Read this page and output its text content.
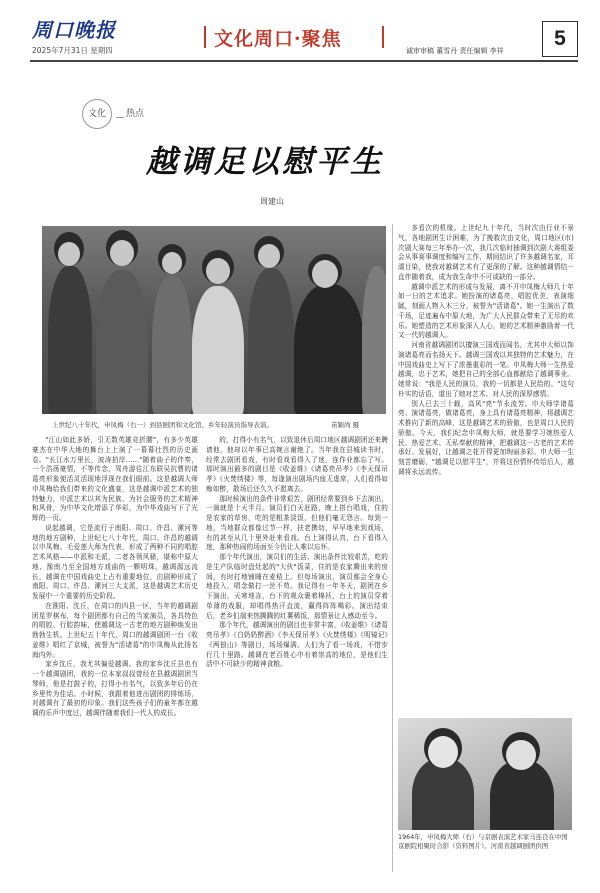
周口晚报
2025年7月31日 星期四
文化周口·聚焦
诚审审稿 董雪丹 责任编辑 李祥
5
文化 热点
越调足以慰平生
周建山
上世纪八十年代，申凤梅（右一）到县剧团和文化馆、乡年轻演员指导表演。	苗颖尚 摄

"江山如此多娇，引无数英雄竞折腰"，有多少英雄豪杰在中华大地的舞台上上演了一幕幕壮烈的历史画卷。"长江水万里长，波涛拍岸……"随着曲子的伴奏，一个浩荡豪情，不等传念，驾舟游往江东联吴抗曹的诸葛亮形象便活灵活现地浮现在我们眼前。这是越调大师申凤梅给我们带来的文化盛宴，这是越调申派艺术的独特魅力，申派艺术以其为民族、为社会服务的艺术精神和风骨，为中华文化增添了华彩，为中华戏曲写下了光辉的一页。

说起越调，它是流行于南阳、周口、许昌、漯河等地的地方剧种，上世纪七八十年代，周口、许昌的越调以申凤梅、毛爱莲大师为代表，形成了两种不同的唱腔艺术风格——申派和毛派，二者各领风骚，堪称中原大地、豫南乃至全国地方戏曲的一颗明珠。越调源远流长，越调在中国戏曲史上占有重要地位，由剧种形成了南阳、周口、许昌、漯河三大支派，这是越调艺术历史发展中一个重要的历史阶段。

在淮阳、沈丘，在周口的四县一区，当年的越调剧团星罗棋布，每个剧团都有自己的当家演员，各具特色的唱腔、行腔韵味，使越调这一古老的地方剧种焕发出勃勃生机。上世纪五十年代，周口的越调剧团一台《收姜维》唱红了京城，被誉为"活诸葛"的申凤梅从此扬名海内外。

家乡沈丘，我尤其偏爱越调。我的家乡沈丘县也有一个越调剧团，我的一位本家叔叔曾经在县越调剧团当琴师，他是打鼓子的，打得小有名气，以致多年后仍在乡里传为佳话。小时候，我跟着他进出剧团的排练场，对越调有了最初的印象。我们这些孩子们的童年都在越调的乐声中度过，越调伴随着我们一代人的成长。

的，打得小有名气，以致退休后周口地区越调剧团还来聘请他，他却以年事已高婉言谢绝了。当年我在县城读书时，经常去剧团看戏，有时看戏看得入了迷，连作业都忘了写。那时演出最多的剧目是《收姜维》《诸葛亮吊孝》《李天保吊孝》《火焚绣楼》等，每逢演出剧场内座无虚席，人们看得如痴如醉，散场后还久久不愿离去。

那时候演出的条件非常艰苦，剧团经常要到乡下去演出，一演就是十天半月。演员们白天赶路，晚上搭台唱戏，住的是农家的草房，吃的是粗茶淡饭，但他们毫无怨言。每到一地，当地群众都像过节一样，扶老携幼，早早地来到戏场，有的甚至从几十里外赶来看戏。台上演得认真，台下看得入迷，那种热闹的场面至今仍让人难以忘怀。

那个年代演出，演员们的生活、演出条件比较艰苦，吃的是生产队临时盘灶起的"大伙"饭菜，住的是农家腾出来的房间，有时打地铺睡在麦秸上。但每场演出，演员都会全身心地投入，唱念做打一丝不苟。我记得有一年冬天，剧团在乡下演出，天寒地冻，台下的观众裹着棉袄，台上的演员穿着单薄的戏服，却唱得热汗直流，赢得阵阵喝彩。演出结束后，老乡们端来热腾腾的红薯稀饭，那情景让人感动至今。

那个年代，越调演出的剧目也非常丰富，《收姜维》《诸葛亮吊孝》《白奶奶醉酒》《李天保吊孝》《火焚绣楼》《明镜记》《两狼山》等剧目，场场爆满。人们为了看一场戏，不惜步行几十里路。越调在老百姓心中有着崇高的地位，是他们生活中不可缺少的精神食粮。

多看次的机缘。上世纪九十年代，当时次由行业不景气，各地剧团生计困难，为了挽救次由文化，周口地区(市)次剧大赛每三年举办一次，我几次临时抽调到次剧大赛组委会从事赛事调度和编写工作，期间结识了许多越调名家，耳濡目染，使我对越调艺术有了更深的了解。这种越调情结一直伴随着我，成为我生命中不可或缺的一部分。

越调申派艺术的形成与发展，离不开申凤梅大师几十年如一日的艺术追求。她扮演的诸葛亮，唱腔优美，表演细腻，刻画人物入木三分，被誉为"活诸葛"。她一生演出了数千场，足迹遍布中原大地，为广大人民群众带来了无尽的欢乐。她塑造的艺术形象深入人心，她的艺术精神激励着一代又一代的越调人。

河南省越调剧团以擅演三国戏而闻名，尤其申大师以饰演诸葛亮而名扬天下。越调三国戏以其独特的艺术魅力，在中国戏曲史上写下了浓墨重彩的一笔。申凤梅大师一生热爱越调，忠于艺术，她把自己的全部心血都献给了越调事业。她常说："我是人民的演员，我的一切都是人民给的。"这句朴实的话语，道出了她对艺术、对人民的深厚感情。

别人已去三十载，高风"亮"节永流芳。申大师学诸葛亮、演诸葛亮，做诸葛亮，身上具有诸葛亮精神，将越调艺术推向了新的高峰，这是越调艺术的骄傲，也是周口人民的骄傲。今天，我们纪念申凤梅大师，就是要学习她热爱人民、热爱艺术、无私奉献的精神，把越调这一古老的艺术传承好、发展好，让越调之花开得更加绚丽多彩。申大师一生刻苦磨砺，"越调足以慰平生"，并将这份情怀传给后人，越调将永远流传。

1964年，申凤梅大师（右）与京剧表演艺术家马连良在中国京剧院相聚时合影（资料图片）。河南省越调剧团供图
